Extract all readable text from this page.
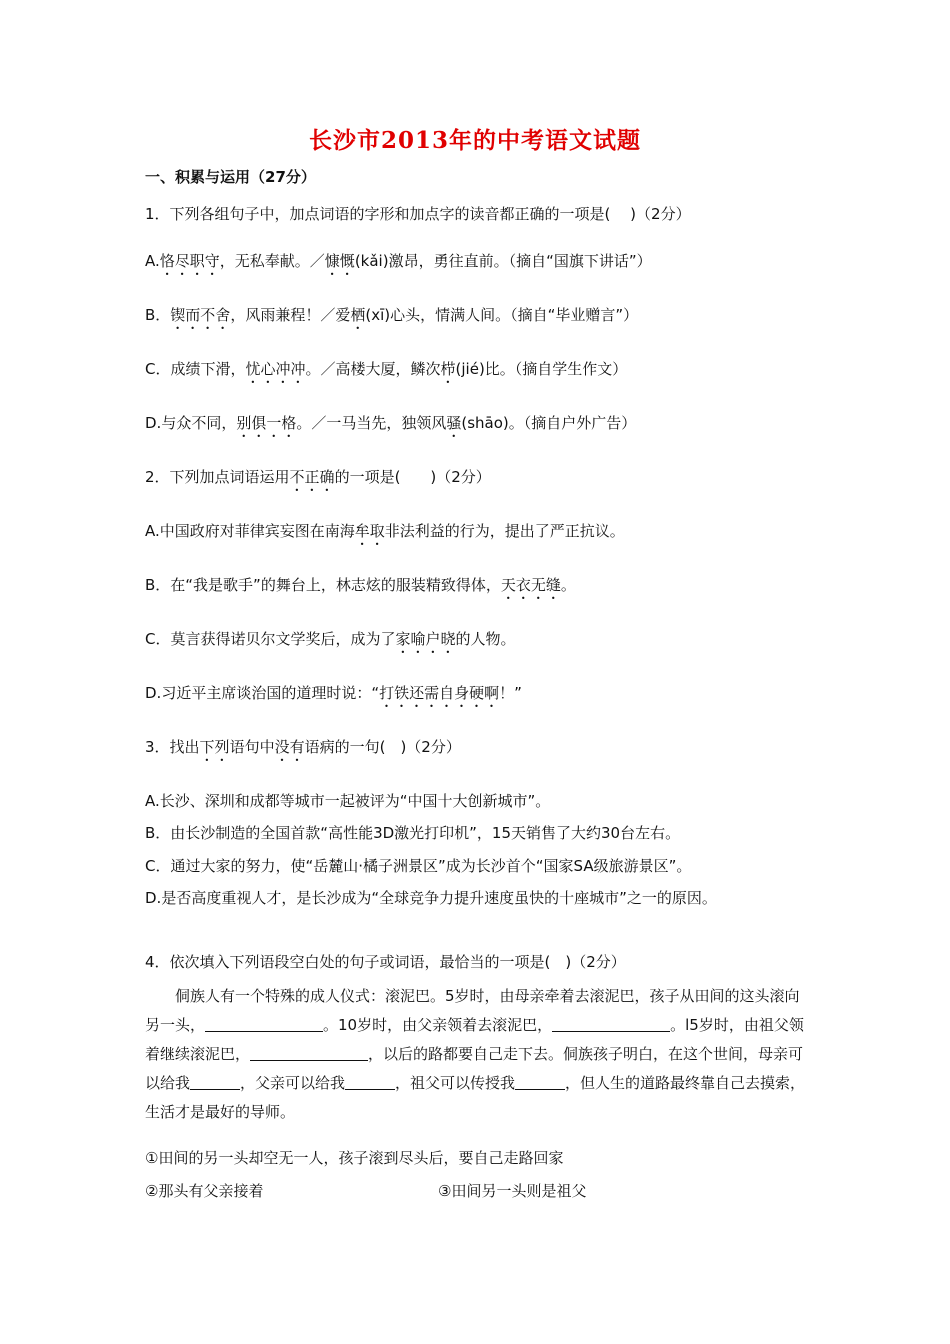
长沙市2013年的中考语文试题
一、积累与运用（27分）
1．下列各组句子中，加点词语的字形和加点字的读音都正确的一项是(　 )（2分）
A.恪尽职守，无私奉献。／慷慨(kǎi)激昂，勇往直前。（摘自“国旗下讲话”）
B．锲而不舍，风雨兼程！／爱栖(xī)心头，情满人间。（摘自“毕业赠言”）
C．成绩下滑，忧心冲冲。／高楼大厦，鳞次栉(jié)比。（摘自学生作文）
D.与众不同，别俱一格。／一马当先，独领风骚(shāo)。（摘自户外广告）
2．下列加点词语运用不正确的一项是(　　)（2分）
A.中国政府对菲律宾妄图在南海牟取非法利益的行为，提出了严正抗议。
B．在“我是歌手”的舞台上，林志炫的服装精致得体，天衣无缝。
C．莫言获得诺贝尔文学奖后，成为了家喻户晓的人物。
D.习近平主席谈治国的道理时说：“打铁还需自身硬啊！”
3．找出下列语句中没有语病的一句(　)（2分）
A.长沙、深圳和成都等城市一起被评为“中国十大创新城市”。
B．由长沙制造的全国首款“高性能3D激光打印机”，15天销售了大约30台左右。
C．通过大家的努力，使“岳麓山·橘子洲景区”成为长沙首个“国家SA级旅游景区”。
D.是否高度重视人才，是长沙成为“全球竞争力提升速度虽快的十座城市”之一的原因。
4．依次填入下列语段空白处的句子或词语，最恰当的一项是(　)（2分）

侗族人有一个特殊的成人仪式：滚泥巴。5岁时，由母亲牵着去滚泥巴，孩子从田间的这头滚向另一头，	。10岁时，由父亲领着去滚泥巴，	。l5岁时，由祖父领着继续滚泥巴，	，以后的路都要自己走下去。侗族孩子明白，在这个世间，母亲可以给我	，父亲可以给我	，祖父可以传授我	，但人生的道路最终靠自己去摸索，生活才是最好的导师。

①田间的另一头却空无一人，孩子滚到尽头后，要自己走路回家
②那头有父亲接着	③田间另一头则是祖父
